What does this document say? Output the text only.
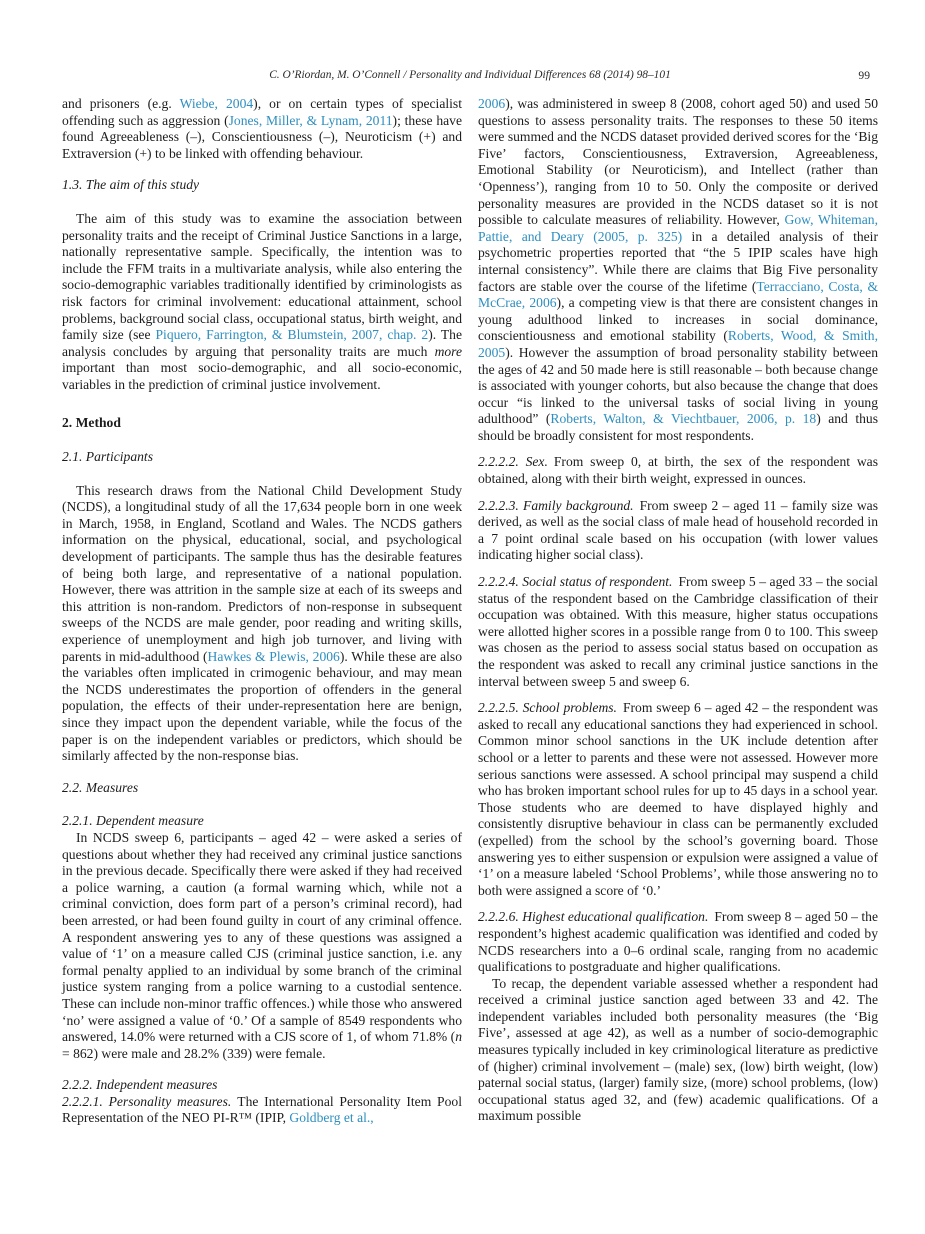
C. O’Riordan, M. O’Connell / Personality and Individual Differences 68 (2014) 98–101	99

and prisoners (e.g. Wiebe, 2004), or on certain types of specialist offending such as aggression (Jones, Miller, & Lynam, 2011); these have found Agreeableness (–), Conscientiousness (–), Neuroticism (+) and Extraversion (+) to be linked with offending behaviour.

1.3. The aim of this study

The aim of this study was to examine the association between personality traits and the receipt of Criminal Justice Sanctions in a large, nationally representative sample. Specifically, the intention was to include the FFM traits in a multivariate analysis, while also entering the socio-demographic variables traditionally identified by criminologists as risk factors for criminal involvement: educational attainment, school problems, background social class, occupational status, birth weight, and family size (see Piquero, Farrington, & Blumstein, 2007, chap. 2). The analysis concludes by arguing that personality traits are much more important than most socio-demographic, and all socio-economic, variables in the prediction of criminal justice involvement.

2. Method
2.1. Participants

This research draws from the National Child Development Study (NCDS), a longitudinal study of all the 17,634 people born in one week in March, 1958, in England, Scotland and Wales. The NCDS gathers information on the physical, educational, social, and psychological development of participants. The sample thus has the desirable features of being both large, and representative of a national population. However, there was attrition in the sample size at each of its sweeps and this attrition is non-random. Predictors of non-response in subsequent sweeps of the NCDS are male gender, poor reading and writing skills, experience of unemployment and high job turnover, and living with parents in mid-adulthood (Hawkes & Plewis, 2006). While these are also the variables often implicated in crimogenic behaviour, and may mean the NCDS underestimates the proportion of offenders in the general population, the effects of their under-representation here are benign, since they impact upon the dependent variable, while the focus of the paper is on the independent variables or predictors, which should be similarly affected by the non-response bias.

2.2. Measures
2.2.1. Dependent measure

In NCDS sweep 6, participants – aged 42 – were asked a series of questions about whether they had received any criminal justice sanctions in the previous decade. Specifically there were asked if they had received a police warning, a caution (a formal warning which, while not a criminal conviction, does form part of a person’s criminal record), had been arrested, or had been found guilty in court of any criminal offence. A respondent answering yes to any of these questions was assigned a value of ‘1’ on a measure called CJS (criminal justice sanction, i.e. any formal penalty applied to an individual by some branch of the criminal justice system ranging from a police warning to a custodial sentence. These can include non-minor traffic offences.) while those who answered ‘no’ were assigned a value of ‘0.’ Of a sample of 8549 respondents who answered, 14.0% were returned with a CJS score of 1, of whom 71.8% (n = 862) were male and 28.2% (339) were female.

2.2.2. Independent measures

2.2.2.1. Personality measures. The International Personality Item Pool Representation of the NEO PI-R™ (IPIP, Goldberg et al.,

2006), was administered in sweep 8 (2008, cohort aged 50) and used 50 questions to assess personality traits. The responses to these 50 items were summed and the NCDS dataset provided derived scores for the ‘Big Five’ factors, Conscientiousness, Extraversion, Agreeableness, Emotional Stability (or Neuroticism), and Intellect (rather than ‘Openness’), ranging from 10 to 50. Only the composite or derived personality measures are provided in the NCDS dataset so it is not possible to calculate measures of reliability. However, Gow, Whiteman, Pattie, and Deary (2005, p. 325) in a detailed analysis of their psychometric properties reported that “the 5 IPIP scales have high internal consistency”. While there are claims that Big Five personality factors are stable over the course of the lifetime (Terracciano, Costa, & McCrae, 2006), a competing view is that there are consistent changes in young adulthood linked to increases in social dominance, conscientiousness and emotional stability (Roberts, Wood, & Smith, 2005). However the assumption of broad personality stability between the ages of 42 and 50 made here is still reasonable – both because change is associated with younger cohorts, but also because the change that does occur “is linked to the universal tasks of social living in young adulthood” (Roberts, Walton, & Viechtbauer, 2006, p. 18) and thus should be broadly consistent for most respondents.

2.2.2.2. Sex. From sweep 0, at birth, the sex of the respondent was obtained, along with their birth weight, expressed in ounces.

2.2.2.3. Family background. From sweep 2 – aged 11 – family size was derived, as well as the social class of male head of household recorded in a 7 point ordinal scale based on his occupation (with lower values indicating higher social class).

2.2.2.4. Social status of respondent. From sweep 5 – aged 33 – the social status of the respondent based on the Cambridge classification of their occupation was obtained. With this measure, higher status occupations were allotted higher scores in a possible range from 0 to 100. This sweep was chosen as the period to assess social status based on occupation as the respondent was asked to recall any criminal justice sanctions in the interval between sweep 5 and sweep 6.

2.2.2.5. School problems. From sweep 6 – aged 42 – the respondent was asked to recall any educational sanctions they had experienced in school. Common minor school sanctions in the UK include detention after school or a letter to parents and these were not assessed. However more serious sanctions were assessed. A school principal may suspend a child who has broken important school rules for up to 45 days in a school year. Those students who are deemed to have displayed highly and consistently disruptive behaviour in class can be permanently excluded (expelled) from the school by the school’s governing board. Those answering yes to either suspension or expulsion were assigned a value of ‘1’ on a measure labeled ‘School Problems’, while those answering no to both were assigned a score of ‘0.’

2.2.2.6. Highest educational qualification. From sweep 8 – aged 50 – the respondent’s highest academic qualification was identified and coded by NCDS researchers into a 0–6 ordinal scale, ranging from no academic qualifications to postgraduate and higher qualifications.

To recap, the dependent variable assessed whether a respondent had received a criminal justice sanction aged between 33 and 42. The independent variables included both personality measures (the ‘Big Five’, assessed at age 42), as well as a number of socio-demographic measures typically included in key criminological literature as predictive of (higher) criminal involvement – (male) sex, (low) birth weight, (low) paternal social status, (larger) family size, (more) school problems, (low) occupational status aged 32, and (few) academic qualifications. Of a maximum possible
